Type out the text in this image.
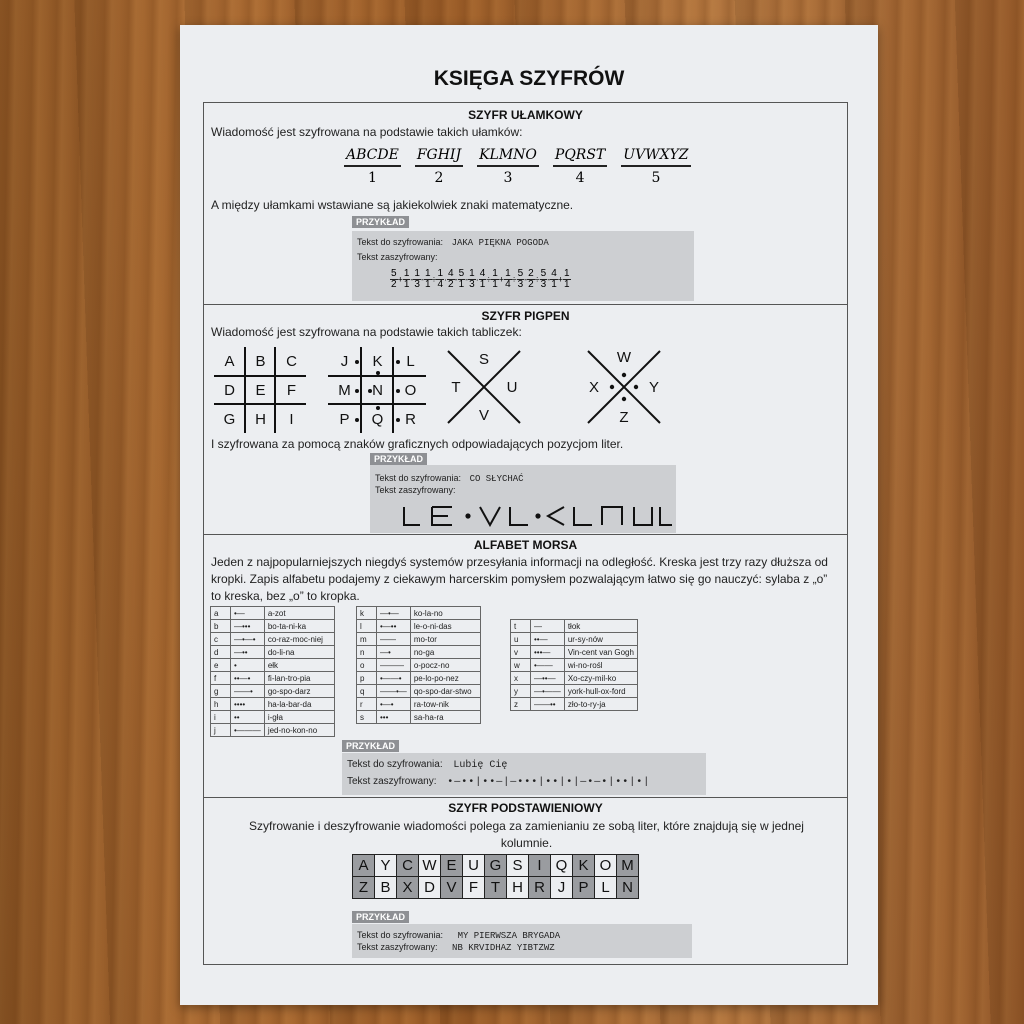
KSIĘGA SZYFRÓW
SZYFR UŁAMKOWY
Wiadomość jest szyfrowana na podstawie takich ułamków:
$\frac{\text{ABCDE}}{1} \frac{\text{FGHIJ}}{2} \frac{\text{KLMNO}}{3} \frac{\text{PQRST}}{4} \frac{\text{UVWXYZ}}{5}$
A między ułamkami wstawiane są jakiekolwiek znaki matematyczne.
PRZYKŁAD
Tekst do szyfrowania: JAKA PIĘKNA POGODA
Tekst zaszyfrowany:
$\frac{5}{2} + \frac{1}{1} - \frac{1}{3} - \frac{1}{1} \div \frac{1}{4} \cdot \frac{4}{2} - \frac{5}{1} - \frac{1}{3} \cdot \frac{4}{1} \div \frac{1}{1} + \frac{1}{4} \div \frac{5}{3} - \frac{2}{2} \div \frac{5}{3} - \frac{4}{1} + \frac{1}{1}$
SZYFR PIGPEN
Wiadomość jest szyfrowana na podstawie takich tabliczek:
A B C
D E F
G H	I
J K L
M N O
P Q R
S
T	U
V
W
X	Y
Z
I szyfrowana za pomocą znaków graficznych odpowiadających pozycjom liter.
PRZYKŁAD
Tekst do szyfrowania: CO SŁYCHAĆ
Tekst zaszyfrowany:
ALFABET MORSA
Jeden z najpopularniejszych niegdyś systemów przesyłania informacji na odległość. Kreska jest trzy razy dłuższa od kropki. Zapis alfabetu podajemy z ciekawym harcerskim pomysłem pozwalającym łatwo się go nauczyć: sylaba z „o” to kreska, bez „o” to kropka.
a	•—	a-zot
b	—•••	bo-ta-ni-ka
c	—•—•	co-raz-moc-niej
d	—••	do-li-na
e	•	ełk
f	••—•	fi-lan-tro-pia
g	——•	go-spo-darz
h	••••	ha-la-bar-da
i	••	i-gła
j	•———	jed-no-kon-no
k	—•—	ko-la-no
l	•—••	le-o-ni-das
m	——	mo-tor
n	—•	no-ga
o	———	o-pocz-no
p	•——•	pe-lo-po-nez
q	——•—	qo-spo-dar-stwo
r	•—•	ra-tow-nik
s	•••	sa-ha-ra
t	—	tłok
u	••—	ur-sy-nów
v	•••—	Vin-cent van Gogh
w	•——	wi-no-rośl
x	—••—	Xo-czy-mil-ko
y	—•——	york-hull-ox-ford
z	——••	zło-to-ry-ja
PRZYKŁAD
Tekst do szyfrowania: Lubię Cię
Tekst zaszyfrowany: •—••|••—|—•••|••|•|—•—•|••|•|
SZYFR PODSTAWIENIOWY
Szyfrowanie i deszyfrowanie wiadomości polega za zamienianiu ze sobą liter, które znajdują się w jednej kolumnie.
A	Y	C	W	E	U	G	S	I	Q	K	O	M
Z	B	X	D	V	F	T	H	R	J	P	L	N
PRZYKŁAD
Tekst do szyfrowania: MY PIERWSZA BRYGADA
Tekst zaszyfrowany: NB KRVIDHAZ YIBTZWZ
